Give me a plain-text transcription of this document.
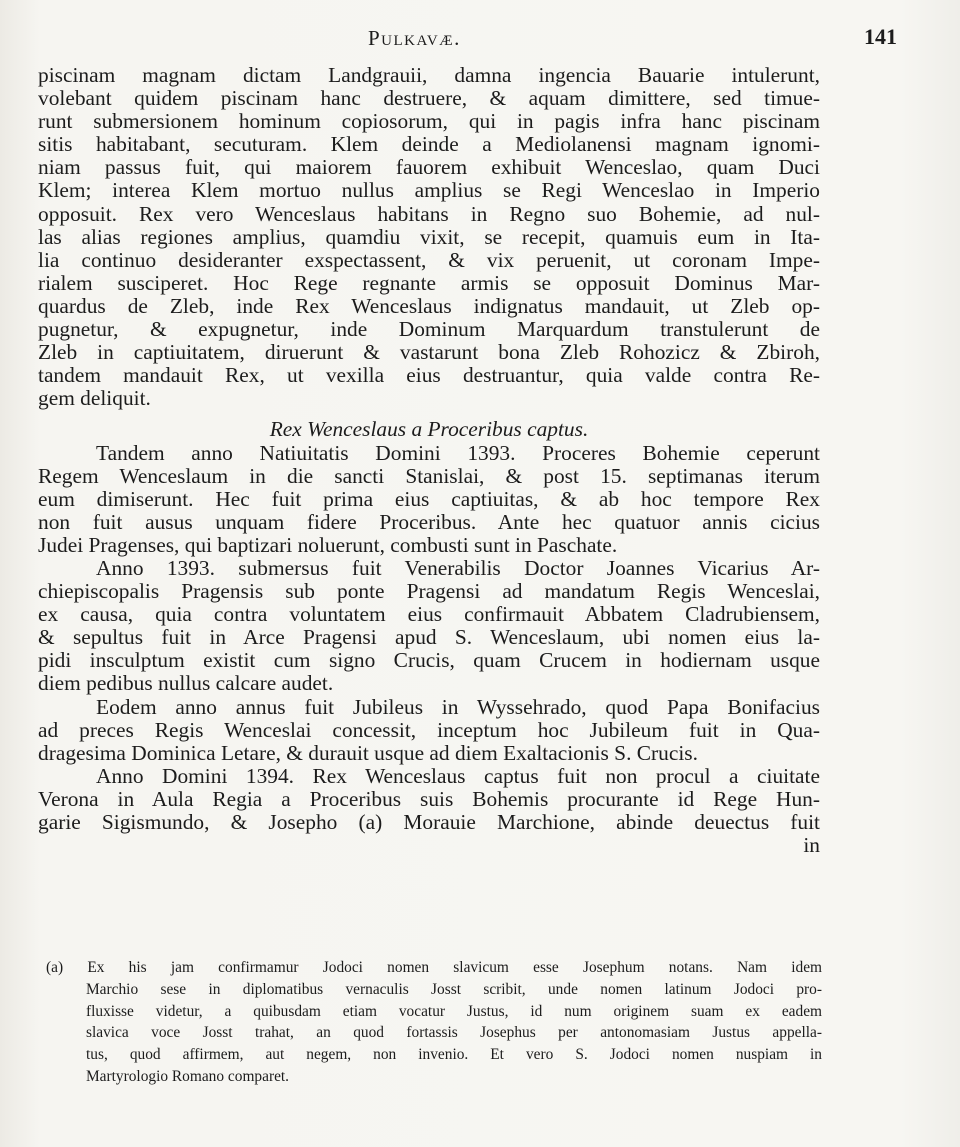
Pulkavæ.	141
piscinam magnam dictam Landgrauii, damna ingencia Bauarie intulerunt,
volebant quidem piscinam hanc destruere, & aquam dimittere, sed timue-
runt submersionem hominum copiosorum, qui in pagis infra hanc piscinam
sitis habitabant, secuturam. Klem deinde a Mediolanensi magnam ignomi-
niam passus fuit, qui maiorem fauorem exhibuit Wenceslao, quam Duci
Klem; interea Klem mortuo nullus amplius se Regi Wenceslao in Imperio
opposuit. Rex vero Wenceslaus habitans in Regno suo Bohemie, ad nul-
las alias regiones amplius, quamdiu vixit, se recepit, quamuis eum in Ita-
lia continuo desideranter exspectassent, & vix peruenit, ut coronam Impe-
rialem susciperet. Hoc Rege regnante armis se opposuit Dominus Mar-
quardus de Zleb, inde Rex Wenceslaus indignatus mandauit, ut Zleb op-
pugnetur, & expugnetur, inde Dominum Marquardum transtulerunt de
Zleb in captiuitatem, diruerunt & vastarunt bona Zleb Rohozicz & Zbiroh,
tandem mandauit Rex, ut vexilla eius destruantur, quia valde contra Re-
gem deliquit.
Rex Wenceslaus a Proceribus captus.
Tandem anno Natiuitatis Domini 1393. Proceres Bohemie ceperunt
Regem Wenceslaum in die sancti Stanislai, & post 15. septimanas iterum
eum dimiserunt. Hec fuit prima eius captiuitas, & ab hoc tempore Rex
non fuit ausus unquam fidere Proceribus. Ante hec quatuor annis cicius
Judei Pragenses, qui baptizari noluerunt, combusti sunt in Paschate.
Anno 1393. submersus fuit Venerabilis Doctor Joannes Vicarius Ar-
chiepiscopalis Pragensis sub ponte Pragensi ad mandatum Regis Wenceslai,
ex causa, quia contra voluntatem eius confirmauit Abbatem Cladrubiensem,
& sepultus fuit in Arce Pragensi apud S. Wenceslaum, ubi nomen eius la-
pidi insculptum existit cum signo Crucis, quam Crucem in hodiernam usque
diem pedibus nullus calcare audet.
Eodem anno annus fuit Jubileus in Wyssehrado, quod Papa Bonifacius
ad preces Regis Wenceslai concessit, inceptum hoc Jubileum fuit in Qua-
dragesima Dominica Letare, & durauit usque ad diem Exaltacionis S. Crucis.
Anno Domini 1394. Rex Wenceslaus captus fuit non procul a ciuitate
Verona in Aula Regia a Proceribus suis Bohemis procurante id Rege Hun-
garie Sigismundo, & Josepho (a) Morauie Marchione, abinde deuectus fuit
in
(a) Ex his jam confirmamur Jodoci nomen slavicum esse Josephum notans. Nam idem
Marchio sese in diplomatibus vernaculis Josst scribit, unde nomen latinum Jodoci pro-
fluxisse videtur, a quibusdam etiam vocatur Justus, id num originem suam ex eadem
slavica voce Josst trahat, an quod fortassis Josephus per antonomasiam Justus appella-
tus, quod affirmem, aut negem, non invenio. Et vero S. Jodoci nomen nuspiam in
Martyrologio Romano comparet.
